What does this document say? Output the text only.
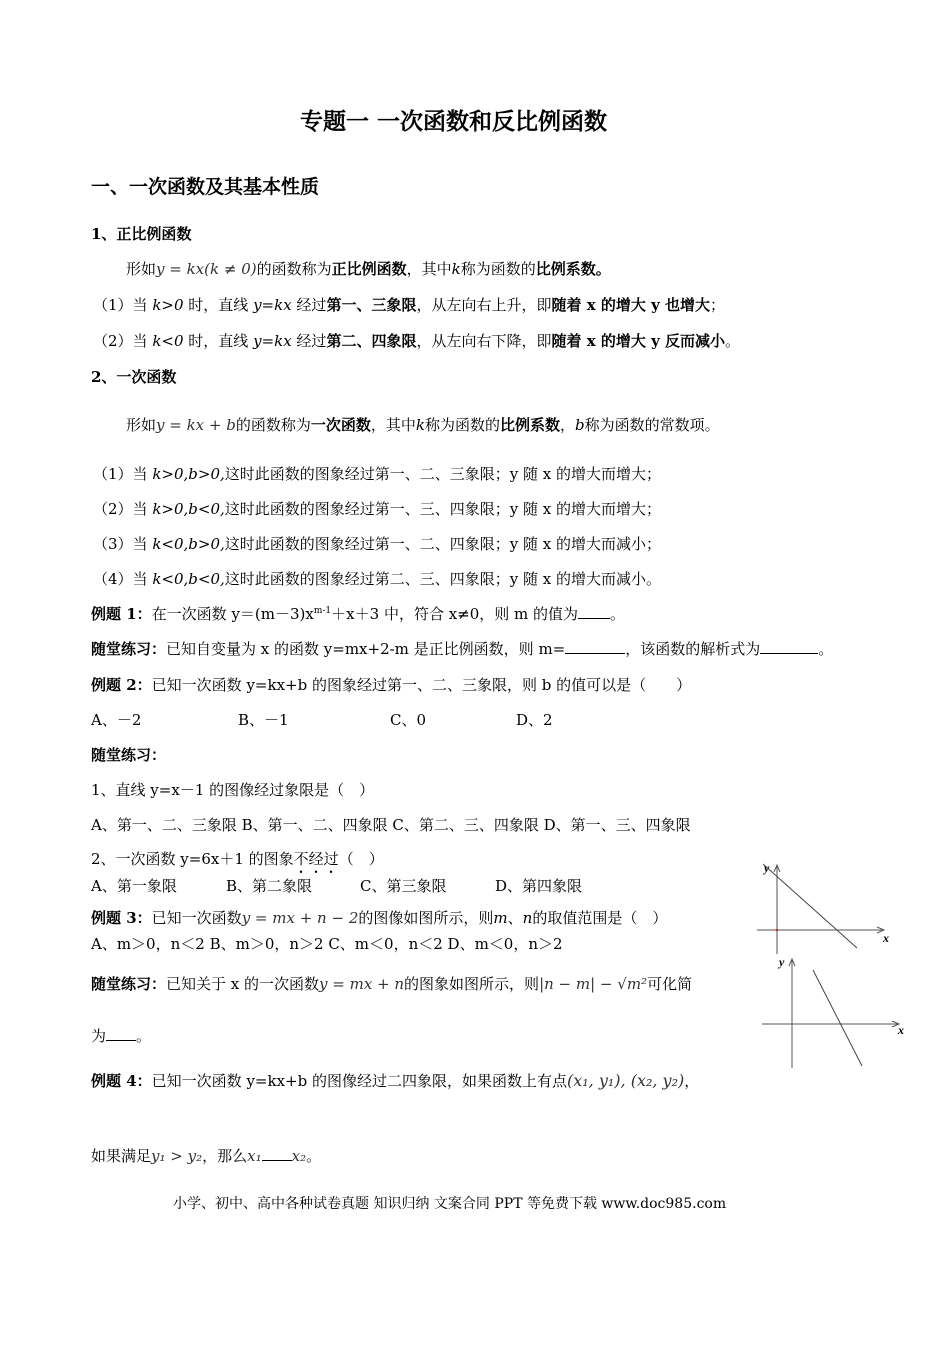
专题一 一次函数和反比例函数
一、一次函数及其基本性质
1、正比例函数
形如y = kx(k ≠ 0)的函数称为正比例函数，其中k称为函数的比例系数。
（1）当 k>0 时，直线 y=kx 经过第一、三象限，从左向右上升，即随着 x 的增大 y 也增大；
（2）当 k<0 时，直线 y=kx 经过第二、四象限，从左向右下降，即随着 x 的增大 y 反而减小。
2、一次函数
形如y = kx + b的函数称为一次函数，其中k称为函数的比例系数，b称为函数的常数项。
（1）当 k>0,b>0,这时此函数的图象经过第一、二、三象限；y 随 x 的增大而增大；
（2）当 k>0,b<0,这时此函数的图象经过第一、三、四象限；y 随 x 的增大而增大；
（3）当 k<0,b>0,这时此函数的图象经过第一、二、四象限；y 随 x 的增大而减小；
（4）当 k<0,b<0,这时此函数的图象经过第二、三、四象限；y 随 x 的增大而减小。
例题 1：在一次函数 $y=(m-3)x^{m-1}+x+3$ 中，符合 x≠0，则 m 的值为 。
随堂练习：已知自变量为 x 的函数 y=mx+2-m 是正比例函数，则 m=	，该函数的解析式为	。
例题 2：已知一次函数 y=kx+b 的图象经过第一、二、三象限，则 b 的值可以是（　　）
A、－2	B、－1	C、0	D、2
随堂练习：
1、直线 y=x－1 的图像经过象限是（　）
A、第一、二、三象限 B、第一、二、四象限 C、第二、三、四象限 D、第一、三、四象限
2、一次函数 y=6x＋1 的图象不经过（　）
A、第一象限	B、第二象限	C、第三象限	D、第四象限
例题 3：已知一次函数y = mx + n − 2的图像如图所示，则m、n的取值范围是（　）
A、m＞0，n＜2 B、m＞0，n＞2 C、m＜0，n＜2 D、m＜0，n＞2
y
x
随堂练习：已知关于 x 的一次函数y = mx + n的图象如图所示，则|n − m| − √m²可化简
为 。
y
x
例题 4：已知一次函数 y=kx+b 的图像经过二四象限，如果函数上有点(x₁, y₁), (x₂, y₂)，
如果满足y₁ > y₂，那么x₁ x₂。
小学、初中、高中各种试卷真题 知识归纳 文案合同 PPT 等免费下载 www.doc985.com
